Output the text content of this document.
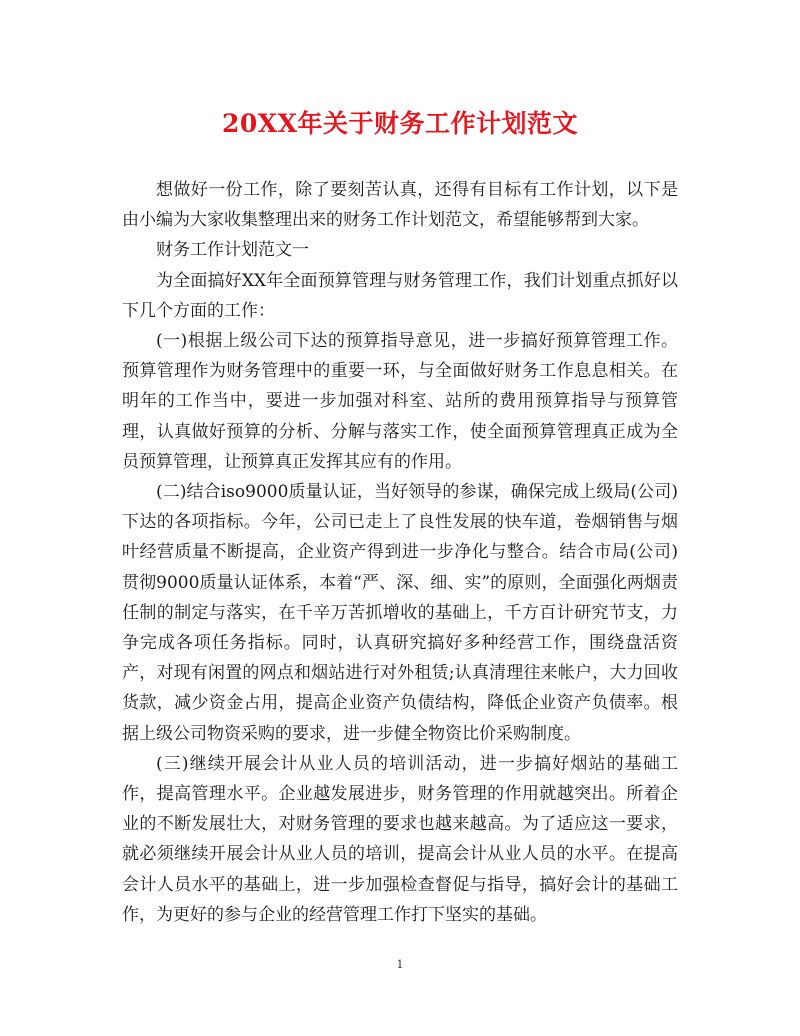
20XX年关于财务工作计划范文

想做好一份工作，除了要刻苦认真，还得有目标有工作计划，以下是由小编为大家收集整理出来的财务工作计划范文，希望能够帮到大家。

财务工作计划范文一

为全面搞好XX年全面预算管理与财务管理工作，我们计划重点抓好以下几个方面的工作：

(一)根据上级公司下达的预算指导意见，进一步搞好预算管理工作。预算管理作为财务管理中的重要一环，与全面做好财务工作息息相关。在明年的工作当中，要进一步加强对科室、站所的费用预算指导与预算管理，认真做好预算的分析、分解与落实工作，使全面预算管理真正成为全员预算管理，让预算真正发挥其应有的作用。

(二)结合iso9000质量认证，当好领导的参谋，确保完成上级局(公司)下达的各项指标。今年，公司已走上了良性发展的快车道，卷烟销售与烟叶经营质量不断提高，企业资产得到进一步净化与整合。结合市局(公司)贯彻9000质量认证体系，本着“严、深、细、实”的原则，全面强化两烟责任制的制定与落实，在千辛万苦抓增收的基础上，千方百计研究节支，力争完成各项任务指标。同时，认真研究搞好多种经营工作，围绕盘活资产，对现有闲置的网点和烟站进行对外租赁;认真清理往来帐户，大力回收货款，减少资金占用，提高企业资产负债结构，降低企业资产负债率。根据上级公司物资采购的要求，进一步健全物资比价采购制度。

(三)继续开展会计从业人员的培训活动，进一步搞好烟站的基础工作，提高管理水平。企业越发展进步，财务管理的作用就越突出。所着企业的不断发展壮大，对财务管理的要求也越来越高。为了适应这一要求，就必须继续开展会计从业人员的培训，提高会计从业人员的水平。在提高会计人员水平的基础上，进一步加强检查督促与指导，搞好会计的基础工作，为更好的参与企业的经营管理工作打下坚实的基础。

1
